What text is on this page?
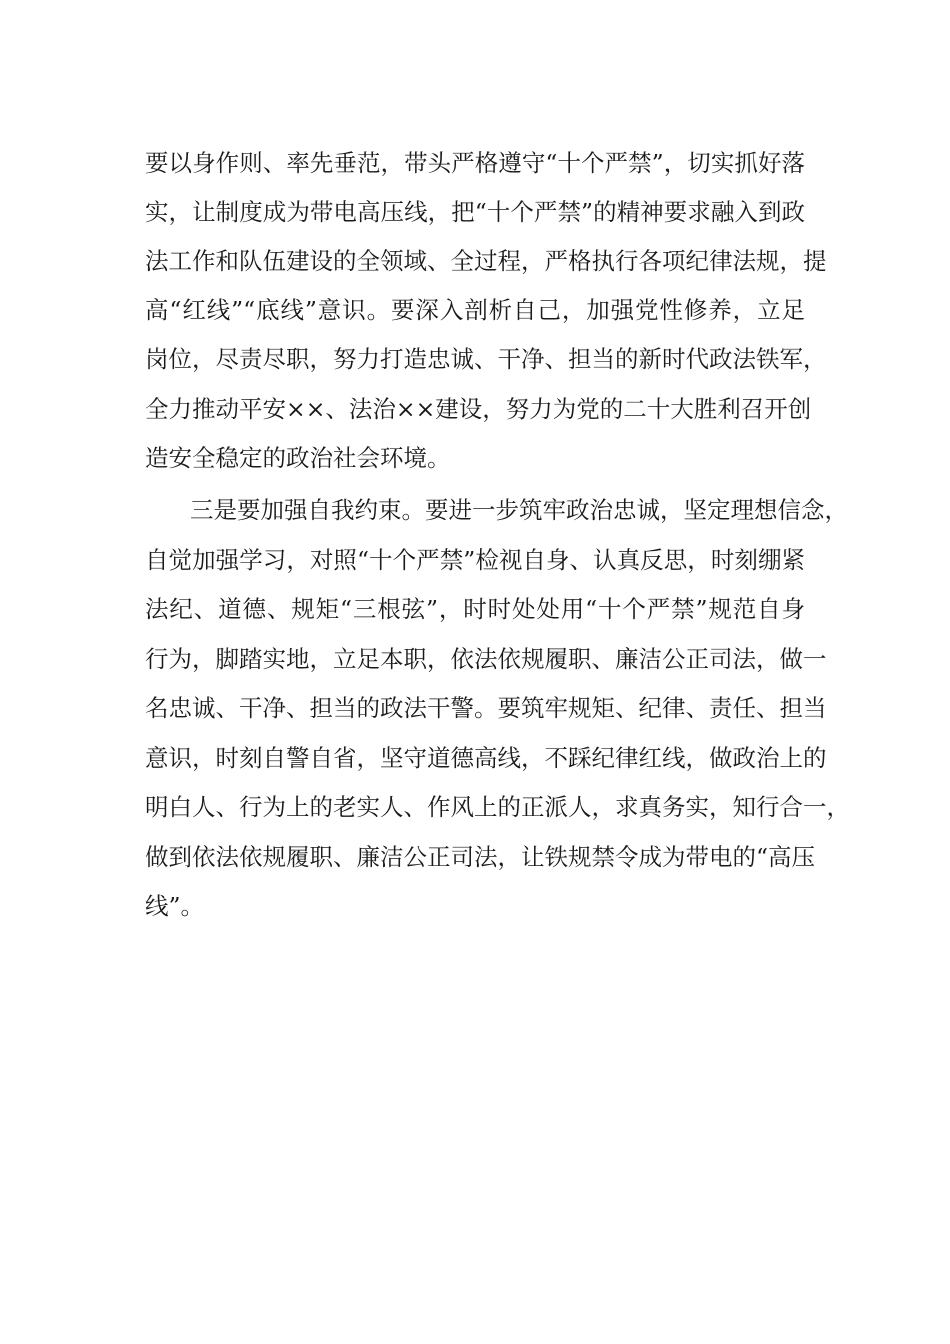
要以身作则、率先垂范，带头严格遵守“十个严禁”，切实抓好落
实，让制度成为带电高压线，把“十个严禁”的精神要求融入到政
法工作和队伍建设的全领域、全过程，严格执行各项纪律法规，提
高“红线”“底线”意识。要深入剖析自己，加强党性修养，立足
岗位，尽责尽职，努力打造忠诚、干净、担当的新时代政法铁军，
全力推动平安××、法治××建设，努力为党的二十大胜利召开创
造安全稳定的政治社会环境。
三是要加强自我约束。要进一步筑牢政治忠诚，坚定理想信念，
自觉加强学习，对照“十个严禁”检视自身、认真反思，时刻绷紧
法纪、道德、规矩“三根弦”，时时处处用“十个严禁”规范自身
行为，脚踏实地，立足本职，依法依规履职、廉洁公正司法，做一
名忠诚、干净、担当的政法干警。要筑牢规矩、纪律、责任、担当
意识，时刻自警自省，坚守道德高线，不踩纪律红线，做政治上的
明白人、行为上的老实人、作风上的正派人，求真务实，知行合一，
做到依法依规履职、廉洁公正司法，让铁规禁令成为带电的“高压
线”。
